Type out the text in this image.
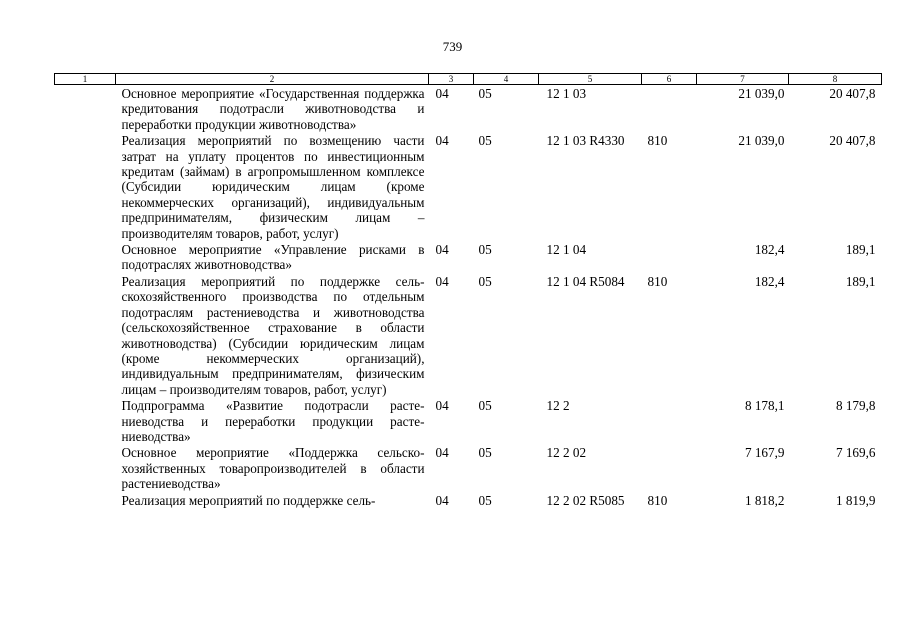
739
1	2	3	4	5	6	7	8
	Основное мероприятие «Государственная поддержка кредитования подотрасли животноводства и переработки продукции животноводства»	04	05	12 1 03		21 039,0	20 407,8
	Реализация мероприятий по возмещению части затрат на уплату процентов по инвестиционным кредитам (займам) в агропромышленном комплексе (Субсидии юридическим лицам (кроме некоммерческих организаций), индивидуальным предпринимателям, физическим лицам – производителям товаров, работ, услуг)	04	05	12 1 03 R4330	810	21 039,0	20 407,8
	Основное мероприятие «Управление рисками в подотраслях животноводства»	04	05	12 1 04		182,4	189,1
	Реализация мероприятий по поддержке сельскохозяйственного производства по отдельным подотраслям растениеводства и животноводства (сельскохозяйственное страхование в области животноводства) (Субсидии юридическим лицам (кроме некоммерческих организаций), индивидуальным предпринимателям, физическим лицам – производителям товаров, работ, услуг)	04	05	12 1 04 R5084	810	182,4	189,1
	Подпрограмма «Развитие подотрасли растениеводства и переработки продукции растениеводства»	04	05	12 2		8 178,1	8 179,8
	Основное мероприятие «Поддержка сельскохозяйственных товаропроизводителей в области растениеводства»	04	05	12 2 02		7 167,9	7 169,6
	Реализация мероприятий по поддержке сель-	04	05	12 2 02 R5085	810	1 818,2	1 819,9
